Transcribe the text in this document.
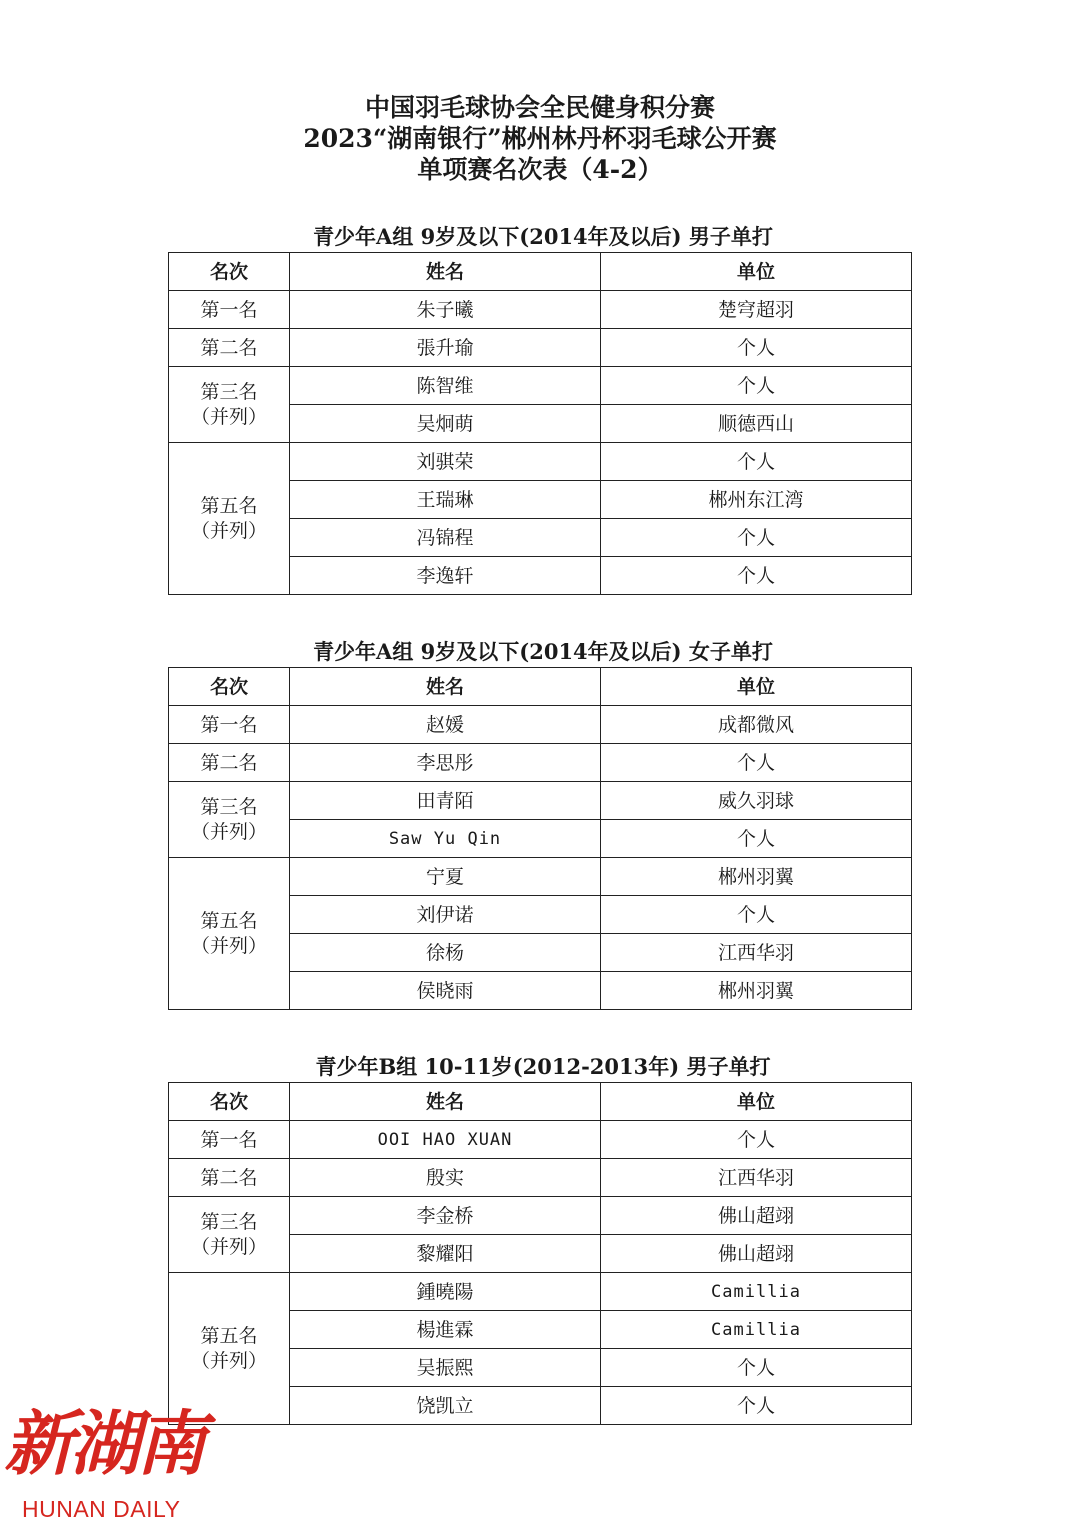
中国羽毛球协会全民健身积分赛
2023“湖南银行”郴州林丹杯羽毛球公开赛
单项赛名次表（4-2）
青少年A组 9岁及以下(2014年及以后) 男子单打
名次	姓名	单位
第一名	朱子曦	楚穹超羽
第二名	張升瑜	个人

第三名
（并列）	陈智维	个人
	吴炯萌	顺德西山

第五名
（并列）	刘骐荣	个人
	王瑞琳	郴州东江湾
	冯锦程	个人
	李逸轩	个人
青少年A组 9岁及以下(2014年及以后) 女子单打
名次	姓名	单位
第一名	赵媛	成都微风
第二名	李思彤	个人

第三名
（并列）	田青陌	威久羽球
	Saw Yu Qin	个人

第五名
（并列）	宁夏	郴州羽翼
	刘伊诺	个人
	徐杨	江西华羽
	侯晓雨	郴州羽翼
青少年B组 10-11岁(2012-2013年) 男子单打
名次	姓名	单位
第一名	OOI HAO XUAN	个人
第二名	殷实	江西华羽

第三名
（并列）	李金桥	佛山超翊
	黎耀阳	佛山超翊

第五名
（并列）	鍾曉陽	Camillia
	楊進霖	Camillia
	吴振熙	个人
	饶凯立	个人
新湖南
HUNAN DAILY
